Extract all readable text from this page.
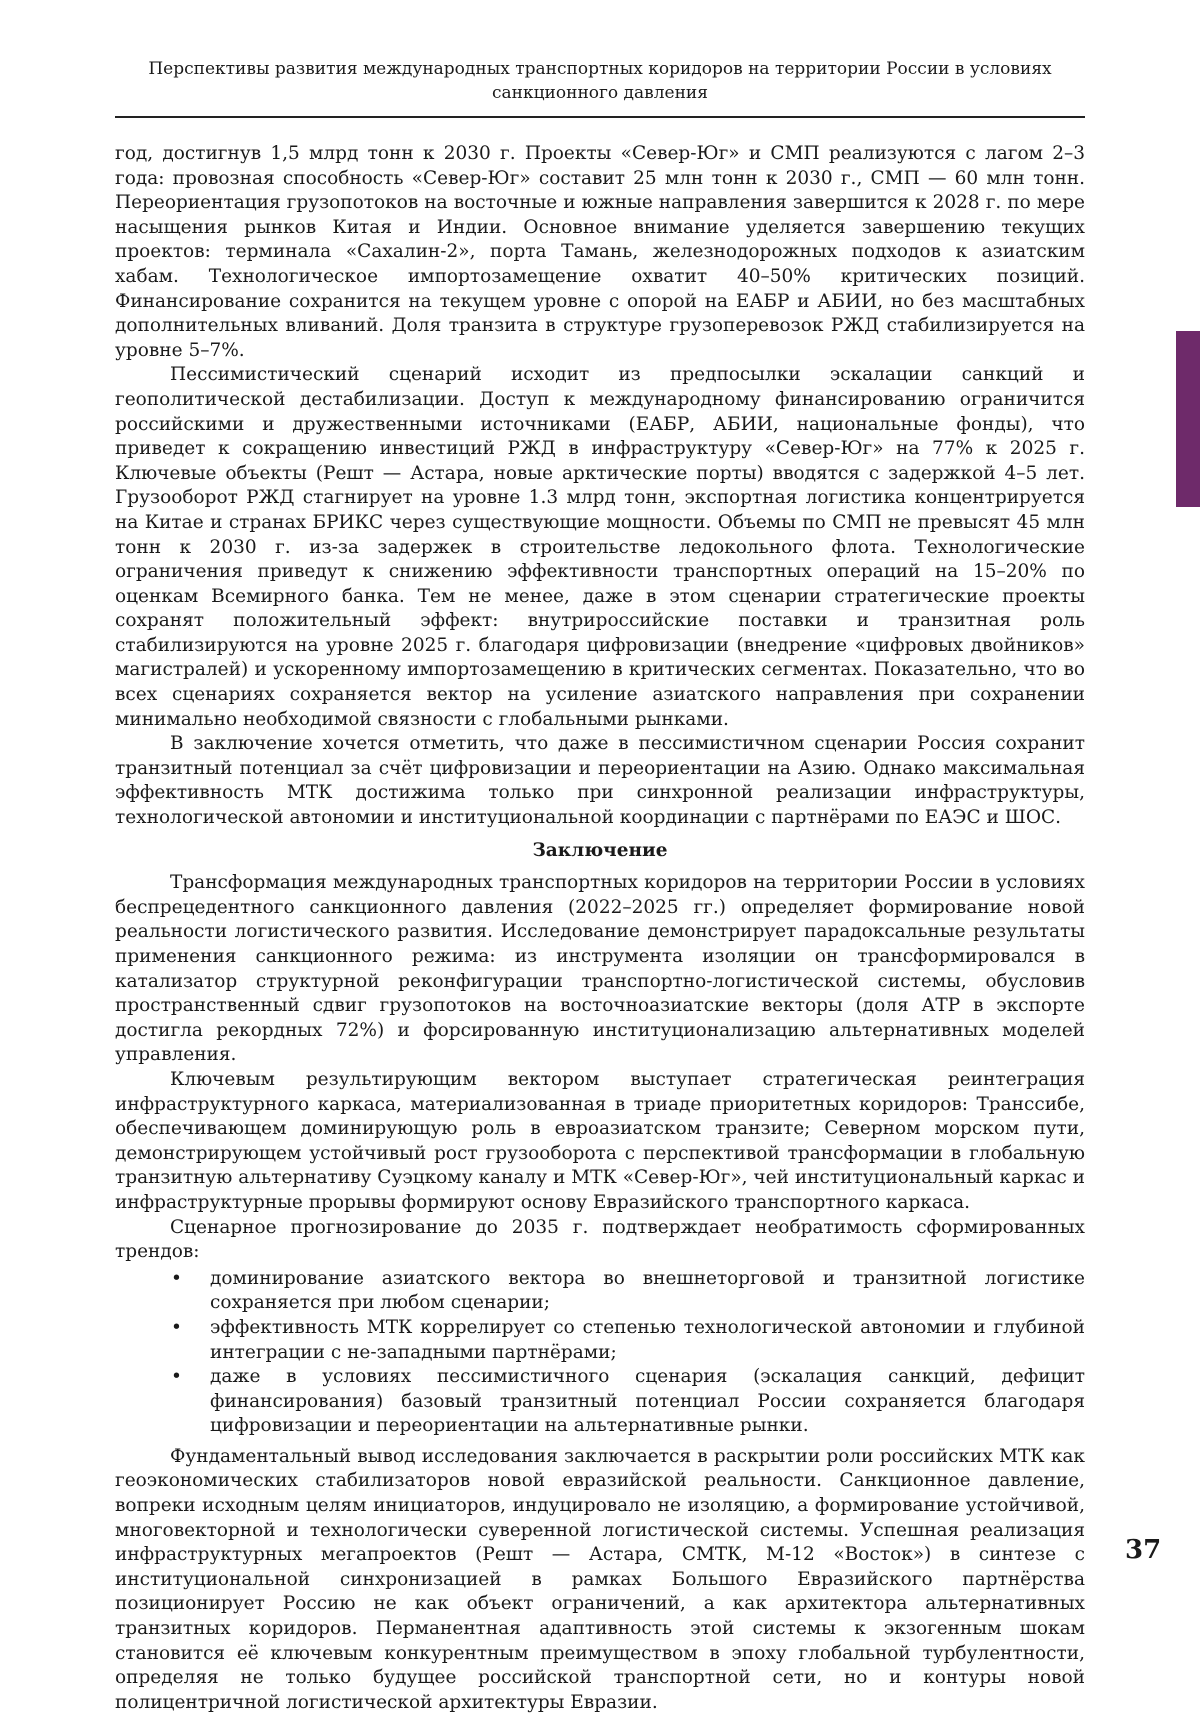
Перспективы развития международных транспортных коридоров на территории России в условиях
санкционного давления

год, достигнув 1,5 млрд тонн к 2030 г. Проекты «Север-Юг» и СМП реализуются с лагом 2–3 года: провозная способность «Север-Юг» составит 25 млн тонн к 2030 г., СМП — 60 млн тонн. Переориентация грузопотоков на восточные и южные направления завершится к 2028 г. по мере насыщения рынков Китая и Индии. Основное внимание уделяется завершению текущих проектов: терминала «Сахалин-2», порта Тамань, железнодорожных подходов к азиатским хабам. Технологическое импортозамещение охватит 40–50% критических позиций. Финансирование сохранится на текущем уровне с опорой на ЕАБР и АБИИ, но без масштабных дополнительных вливаний. Доля транзита в структуре грузоперевозок РЖД стабилизируется на уровне 5–7%.

Пессимистический сценарий исходит из предпосылки эскалации санкций и геополитической дестабилизации. Доступ к международному финансированию ограничится российскими и дружественными источниками (ЕАБР, АБИИ, национальные фонды), что приведет к сокращению инвестиций РЖД в инфраструктуру «Север-Юг» на 77% к 2025 г. Ключевые объекты (Решт — Астара, новые арктические порты) вводятся с задержкой 4–5 лет. Грузооборот РЖД стагнирует на уровне 1.3 млрд тонн, экспортная логистика концентрируется на Китае и странах БРИКС через существующие мощности. Объемы по СМП не превысят 45 млн тонн к 2030 г. из-за задержек в строительстве ледокольного флота. Технологические ограничения приведут к снижению эффективности транспортных операций на 15–20% по оценкам Всемирного банка. Тем не менее, даже в этом сценарии стратегические проекты сохранят положительный эффект: внутрироссийские поставки и транзитная роль стабилизируются на уровне 2025 г. благодаря цифровизации (внедрение «цифровых двойников» магистралей) и ускоренному импортозамещению в критических сегментах. Показательно, что во всех сценариях сохраняется вектор на усиление азиатского направления при сохранении минимально необходимой связности с глобальными рынками.

В заключение хочется отметить, что даже в пессимистичном сценарии Россия сохранит транзитный потенциал за счёт цифровизации и переориентации на Азию. Однако максимальная эффективность МТК достижима только при синхронной реализации инфраструктуры, технологической автономии и институциональной координации с партнёрами по ЕАЭС и ШОС.

Заключение

Трансформация международных транспортных коридоров на территории России в условиях беспрецедентного санкционного давления (2022–2025 гг.) определяет формирование новой реальности логистического развития. Исследование демонстрирует парадоксальные результаты применения санкционного режима: из инструмента изоляции он трансформировался в катализатор структурной реконфигурации транспортно-логистической системы, обусловив пространственный сдвиг грузопотоков на восточноазиатские векторы (доля АТР в экспорте достигла рекордных 72%) и форсированную институционализацию альтернативных моделей управления.

Ключевым результирующим вектором выступает стратегическая реинтеграция инфраструктурного каркаса, материализованная в триаде приоритетных коридоров: Транссибе, обеспечивающем доминирующую роль в евроазиатском транзите; Северном морском пути, демонстрирующем устойчивый рост грузооборота с перспективой трансформации в глобальную транзитную альтернативу Суэцкому каналу и МТК «Север-Юг», чей институциональный каркас и инфраструктурные прорывы формируют основу Евразийского транспортного каркаса.

Сценарное прогнозирование до 2035 г. подтверждает необратимость сформированных трендов:

• доминирование азиатского вектора во внешнеторговой и транзитной логистике сохраняется при любом сценарии;
• эффективность МТК коррелирует со степенью технологической автономии и глубиной интеграции с не-западными партнёрами;
• даже в условиях пессимистичного сценария (эскалация санкций, дефицит финансирования) базовый транзитный потенциал России сохраняется благодаря цифровизации и переориентации на альтернативные рынки.

Фундаментальный вывод исследования заключается в раскрытии роли российских МТК как геоэкономических стабилизаторов новой евразийской реальности. Санкционное давление, вопреки исходным целям инициаторов, индуцировало не изоляцию, а формирование устойчивой, многовекторной и технологически суверенной логистической системы. Успешная реализация инфраструктурных мегапроектов (Решт — Астара, СМТК, М-12 «Восток») в синтезе с институциональной синхронизацией в рамках Большого Евразийского партнёрства позиционирует Россию не как объект ограничений, а как архитектора альтернативных транзитных коридоров. Перманентная адаптивность этой системы к экзогенным шокам становится её ключевым конкурентным преимуществом в эпоху глобальной турбулентности, определяя не только будущее российской транспортной сети, но и контуры новой полицентричной логистической архитектуры Евразии.

37
